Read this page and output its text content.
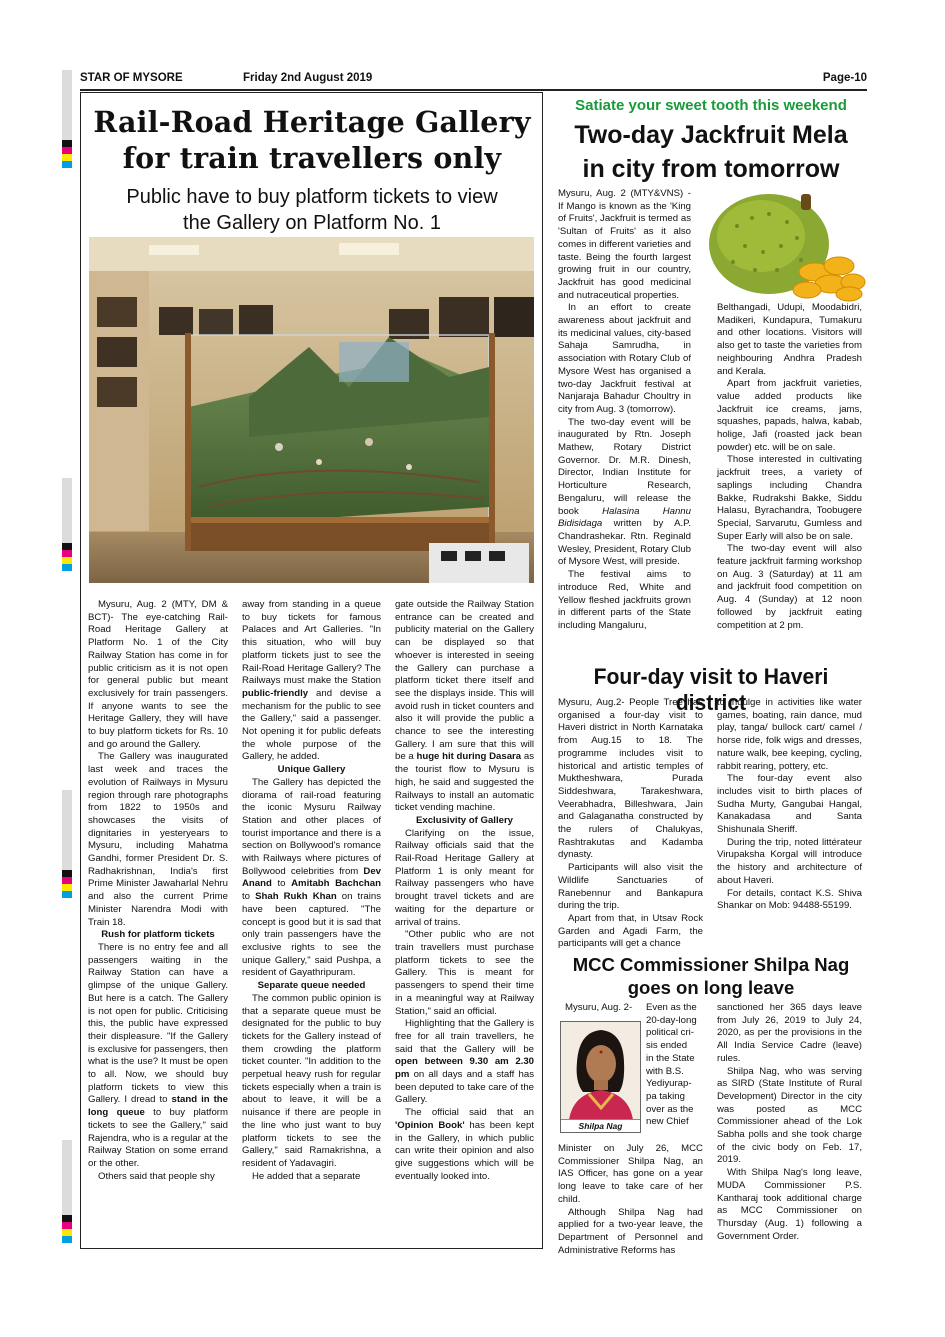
STAR OF MYSORE	Friday 2nd August 2019	Page-10
Rail-Road Heritage Gallery
for train travellers only
Public have to buy platform tickets to view
the Gallery on Platform No. 1

Mysuru, Aug. 2 (MTY, DM & BCT)- The eye-catching Rail-Road Heritage Gallery at Platform No. 1 of the City Railway Station has come in for public criticism as it is not open for general public but meant exclusively for train passengers. If anyone wants to see the Heritage Gallery, they will have to buy platform tickets for Rs. 10 and go around the Gallery.

The Gallery was inaugurated last week and traces the evolution of Railways in Mysuru region through rare photographs from 1822 to 1950s and showcases the visits of dignitaries in yesteryears to Mysuru, including Mahatma Gandhi, former President Dr. S. Radhakrishnan, India's first Prime Minister Jawaharlal Nehru and also the current Prime Minister Narendra Modi with Train 18.

Rush for platform tickets

There is no entry fee and all passengers waiting in the Railway Station can have a glimpse of the unique Gallery. But here is a catch. The Gallery is not open for public. Criticising this, the public have expressed their displeasure. "If the Gallery is exclusive for passengers, then what is the use? It must be open to all. Now, we should buy platform tickets to view this Gallery. I dread to stand in the long queue to buy platform tickets to see the Gallery," said Rajendra, who is a regular at the Railway Station on some errand or the other.

Others said that people shy

away from standing in a queue to buy tickets for famous Palaces and Art Galleries. "In this situation, who will buy platform tickets just to see the Rail-Road Heritage Gallery? The Railways must make the Station public-friendly and devise a mechanism for the public to see the Gallery," said a passenger. Not opening it for public defeats the whole purpose of the Gallery, he added.

Unique Gallery

The Gallery has depicted the diorama of rail-road featuring the iconic Mysuru Railway Station and other places of tourist importance and there is a section on Bollywood's romance with Railways where pictures of Bollywood celebrities from Dev Anand to Amitabh Bachchan to Shah Rukh Khan on trains have been captured. "The concept is good but it is sad that only train passengers have the exclusive rights to see the unique Gallery," said Pushpa, a resident of Gayathripuram.

Separate queue needed

The common public opinion is that a separate queue must be designated for the public to buy tickets for the Gallery instead of them crowding the platform ticket counter. "In addition to the perpetual heavy rush for regular tickets especially when a train is about to leave, it will be a nuisance if there are people in the line who just want to buy platform tickets to see the Gallery," said Ramakrishna, a resident of Yadavagiri.

He added that a separate

gate outside the Railway Station entrance can be created and publicity material on the Gallery can be displayed so that whoever is interested in seeing the Gallery can purchase a platform ticket there itself and see the displays inside. This will avoid rush in ticket counters and also it will provide the public a chance to see the interesting Gallery. I am sure that this will be a huge hit during Dasara as the tourist flow to Mysuru is high, he said and suggested the Railways to install an automatic ticket vending machine.

Exclusivity of Gallery

Clarifying on the issue, Railway officials said that the Rail-Road Heritage Gallery at Platform 1 is only meant for Railway passengers who have brought travel tickets and are waiting for the departure or arrival of trains.

"Other public who are not train travellers must purchase platform tickets to see the Gallery. This is meant for passengers to spend their time in a meaningful way at Railway Station," said an official.

Highlighting that the Gallery is free for all train travellers, he said that the Gallery will be open between 9.30 am 2.30 pm on all days and a staff has been deputed to take care of the Gallery.

The official said that an 'Opinion Book' has been kept in the Gallery, in which public can write their opinion and also give suggestions which will be eventually looked into.

Satiate your sweet tooth this weekend
Two-day Jackfruit Mela
in city from tomorrow

Mysuru, Aug. 2 (MTY&VNS) - If Mango is known as the 'King of Fruits', Jackfruit is termed as 'Sultan of Fruits' as it also comes in different varieties and taste. Being the fourth largest growing fruit in our country, Jackfruit has good medicinal and nutraceutical properties.

In an effort to create awareness about jackfruit and its medicinal values, city-based Sahaja Samrudha, in association with Rotary Club of Mysore West has organised a two-day Jackfruit festival at Nanjaraja Bahadur Choultry in city from Aug. 3 (tomorrow).

The two-day event will be inaugurated by Rtn. Joseph Mathew, Rotary District Governor. Dr. M.R. Dinesh, Director, Indian Institute for Horticulture Research, Bengaluru, will release the book Halasina Hannu Bidisidaga written by A.P. Chandrashekar. Rtn. Reginald Wesley, President, Rotary Club of Mysore West, will preside.

The festival aims to introduce Red, White and Yellow fleshed jackfruits grown in different parts of the State including Mangaluru,

Belthangadi, Udupi, Moodabidri, Madikeri, Kundapura, Tumakuru and other locations. Visitors will also get to taste the varieties from neighbouring Andhra Pradesh and Kerala.

Apart from jackfruit varieties, value added products like Jackfruit ice creams, jams, squashes, papads, halwa, kabab, holige, Jafi (roasted jack bean powder) etc. will be on sale.

Those interested in cultivating jackfruit trees, a variety of saplings including Chandra Bakke, Rudrakshi Bakke, Siddu Halasu, Byrachandra, Toobugere Special, Sarvarutu, Gumless and Super Early will also be on sale.

The two-day event will also feature jackfruit farming workshop on Aug. 3 (Saturday) at 11 am and jackfruit food competition on Aug. 4 (Sunday) at 12 noon followed by jackfruit eating competition at 2 pm.

Four-day visit to Haveri district

Mysuru, Aug.2- People Tree has organised a four-day visit to Haveri district in North Karnataka from Aug.15 to 18. The programme includes visit to historical and artistic temples of Muktheshwara, Purada Siddeshwara, Tarakeshwara, Veerabhadra, Billeshwara, Jain and Galaganatha constructed by the rulers of Chalukyas, Rashtrakutas and Kadamba dynasty.

Participants will also visit the Wildlife Sanctuaries of Ranebennur and Bankapura during the trip.

Apart from that, in Utsav Rock Garden and Agadi Farm, the participants will get a chance

to indulge in activities like water games, boating, rain dance, mud play, tanga/ bullock cart/ camel / horse ride, folk wigs and dresses, nature walk, bee keeping, cycling, rabbit rearing, pottery, etc.

The four-day event also includes visit to birth places of Sudha Murty, Gangubai Hangal, Kanakadasa and Santa Shishunala Sheriff.

During the trip, noted littérateur Virupaksha Korgal will introduce the history and architecture of about Haveri.

For details, contact K.S. Shiva Shankar on Mob: 94488-55199.

MCC Commissioner Shilpa Nag
goes on long leave
Mysuru, Aug. 2-
Shilpa Nag
Even as the
20-day-long
political cri-
sis ended
in the State
with B.S.
Yediyurap-
pa taking
over as the
new Chief

Minister on July 26, MCC Commissioner Shilpa Nag, an IAS Officer, has gone on a year long leave to take care of her child.

Although Shilpa Nag had applied for a two-year leave, the Department of Personnel and Administrative Reforms has

sanctioned her 365 days leave from July 26, 2019 to July 24, 2020, as per the provisions in the All India Service Cadre (leave) rules.

Shilpa Nag, who was serving as SIRD (State Institute of Rural Development) Director in the city was posted as MCC Commissioner ahead of the Lok Sabha polls and she took charge of the civic body on Feb. 17, 2019.

With Shilpa Nag's long leave, MUDA Commissioner P.S. Kantharaj took additional charge as MCC Commissioner on Thursday (Aug. 1) following a Government Order.
